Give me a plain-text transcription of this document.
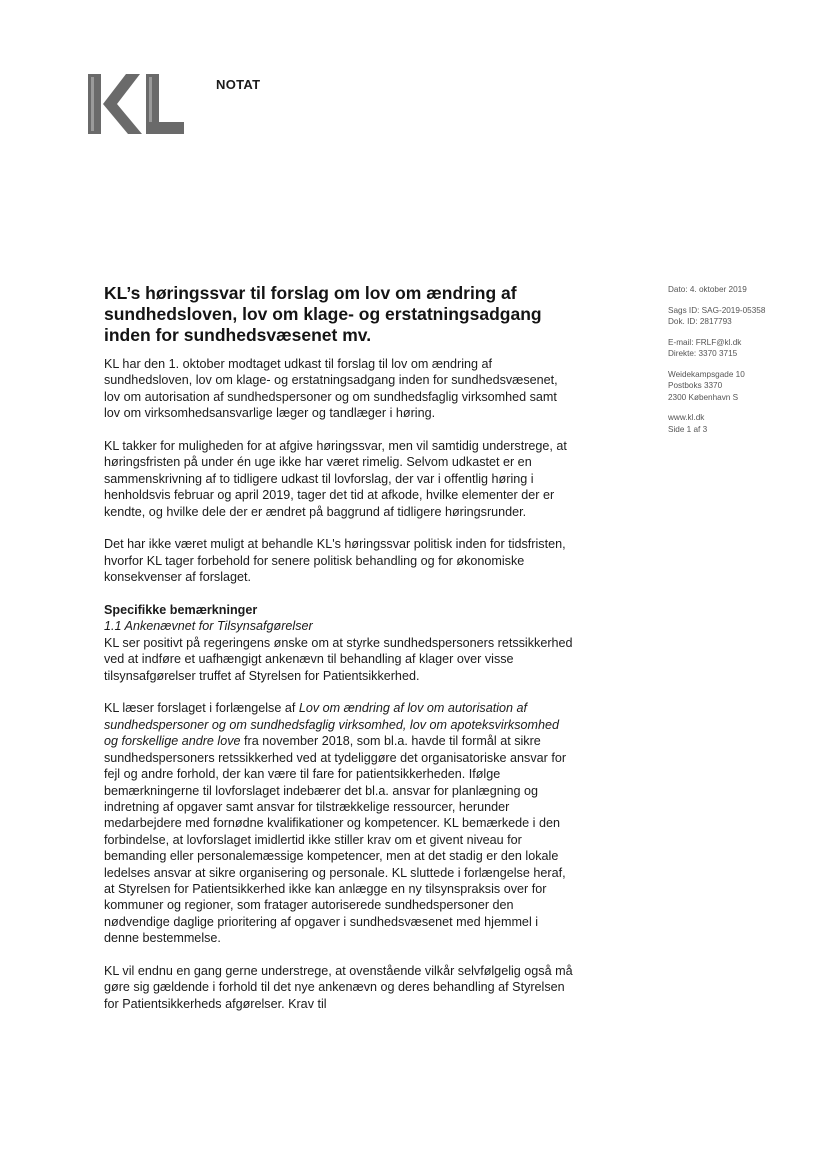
NOTAT
KL’s høringssvar til forslag om lov om ændring af sundhedsloven, lov om klage- og erstatningsadgang inden for sundhedsvæsenet mv.
Dato: 4. oktober 2019
Sags ID: SAG-2019-05358
Dok. ID: 2817793
E-mail: FRLF@kl.dk
Direkte: 3370 3715
Weidekampsgade 10
Postboks 3370
2300 København S
www.kl.dk
Side 1 af 3

KL har den 1. oktober modtaget udkast til forslag til lov om ændring af sundhedsloven, lov om klage- og erstatningsadgang inden for sundhedsvæsenet, lov om autorisation af sundhedspersoner og om sundhedsfaglig virksomhed samt lov om virksomhedsansvarlige læger og tandlæger i høring.

KL takker for muligheden for at afgive høringssvar, men vil samtidig understrege, at høringsfristen på under én uge ikke har været rimelig. Selvom udkastet er en sammenskrivning af to tidligere udkast til lovforslag, der var i offentlig høring i henholdsvis februar og april 2019, tager det tid at afkode, hvilke elementer der er kendte, og hvilke dele der er ændret på baggrund af tidligere høringsrunder.

Det har ikke været muligt at behandle KL's høringssvar politisk inden for tidsfristen, hvorfor KL tager forbehold for senere politisk behandling og for økonomiske konsekvenser af forslaget.

Specifikke bemærkninger
1.1 Ankenævnet for Tilsynsafgørelser

KL ser positivt på regeringens ønske om at styrke sundhedspersoners retssikkerhed ved at indføre et uafhængigt ankenævn til behandling af klager over visse tilsynsafgørelser truffet af Styrelsen for Patientsikkerhed.

KL læser forslaget i forlængelse af Lov om ændring af lov om autorisation af sundhedspersoner og om sundhedsfaglig virksomhed, lov om apoteksvirksomhed og forskellige andre love fra november 2018, som bl.a. havde til formål at sikre sundhedspersoners retssikkerhed ved at tydeliggøre det organisatoriske ansvar for fejl og andre forhold, der kan være til fare for patientsikkerheden. Ifølge bemærkningerne til lovforslaget indebærer det bl.a. ansvar for planlægning og indretning af opgaver samt ansvar for tilstrækkelige ressourcer, herunder medarbejdere med fornødne kvalifikationer og kompetencer. KL bemærkede i den forbindelse, at lovforslaget imidlertid ikke stiller krav om et givent niveau for bemanding eller personalemæssige kompetencer, men at det stadig er den lokale ledelses ansvar at sikre organisering og personale. KL sluttede i forlængelse heraf, at Styrelsen for Patientsikkerhed ikke kan anlægge en ny tilsynspraksis over for kommuner og regioner, som fratager autoriserede sundhedspersoner den nødvendige daglige prioritering af opgaver i sundhedsvæsenet med hjemmel i denne bestemmelse.

KL vil endnu en gang gerne understrege, at ovenstående vilkår selvfølgelig også må gøre sig gældende i forhold til det nye ankenævn og deres behandling af Styrelsen for Patientsikkerheds afgørelser. Krav til
